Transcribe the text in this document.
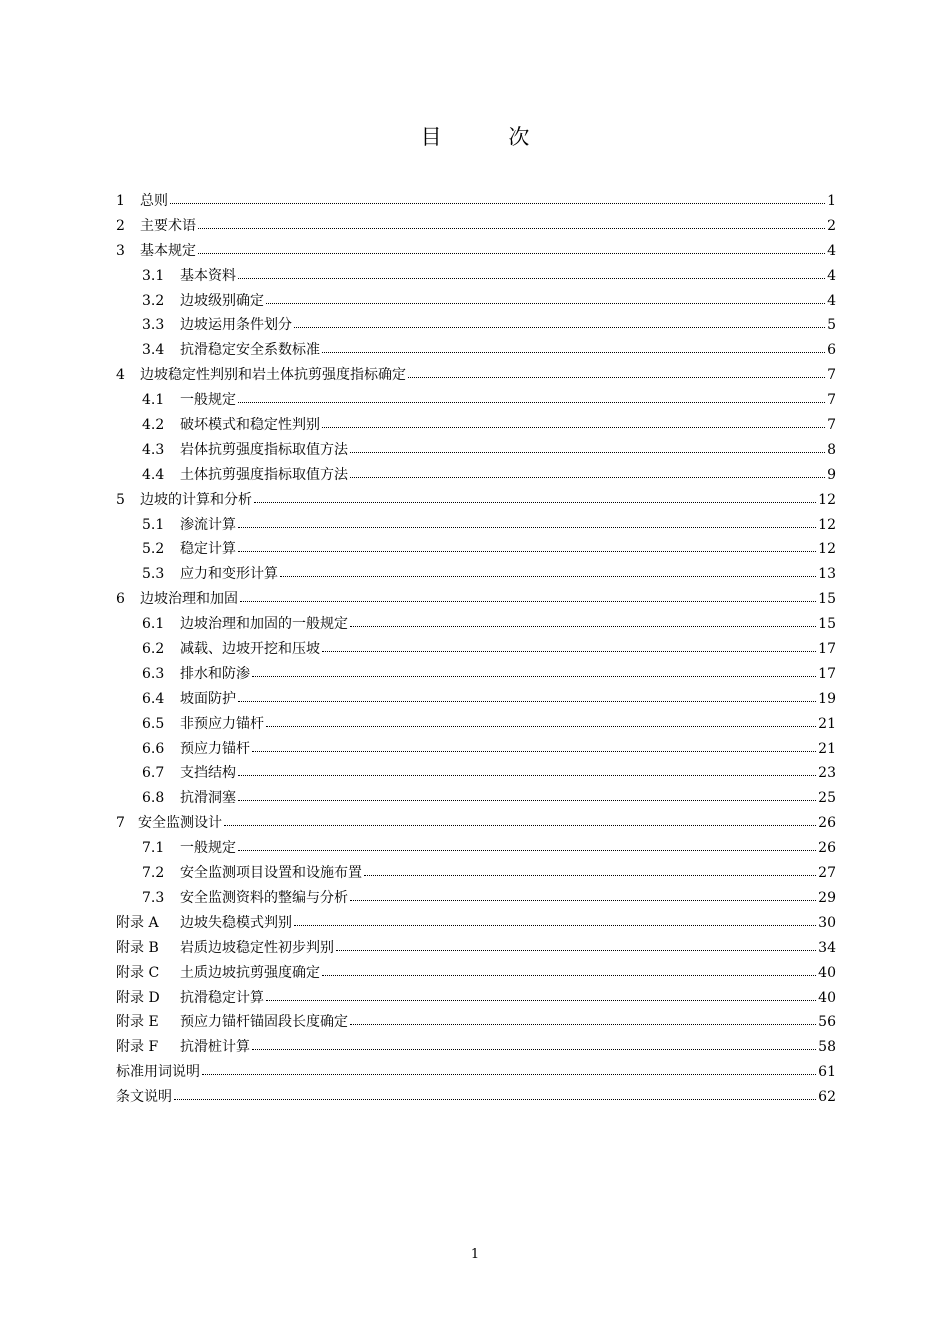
目 次
1	总则	1
2	主要术语	2
3	基本规定	4
3.1	基本资料	4
3.2	边坡级别确定	4
3.3	边坡运用条件划分	5
3.4	抗滑稳定安全系数标准	6
4	边坡稳定性判别和岩土体抗剪强度指标确定	7
4.1	一般规定	7
4.2	破坏模式和稳定性判别	7
4.3	岩体抗剪强度指标取值方法	8
4.4	土体抗剪强度指标取值方法	9
5	边坡的计算和分析	12
5.1	渗流计算	12
5.2	稳定计算	12
5.3	应力和变形计算	13
6	边坡治理和加固	15
6.1	边坡治理和加固的一般规定	15
6.2	减载、边坡开挖和压坡	17
6.3	排水和防渗	17
6.4	坡面防护	19
6.5	非预应力锚杆	21
6.6	预应力锚杆	21
6.7	支挡结构	23
6.8	抗滑洞塞	25
7 安全监测设计	26
7.1	一般规定	26
7.2	安全监测项目设置和设施布置	27
7.3	安全监测资料的整编与分析	29
附录 A	边坡失稳模式判别	30
附录 B	岩质边坡稳定性初步判别	34
附录 C	土质边坡抗剪强度确定	40
附录 D	抗滑稳定计算	40
附录 E	预应力锚杆锚固段长度确定	56
附录 F	抗滑桩计算	58
标准用词说明	61
条文说明	62
1
